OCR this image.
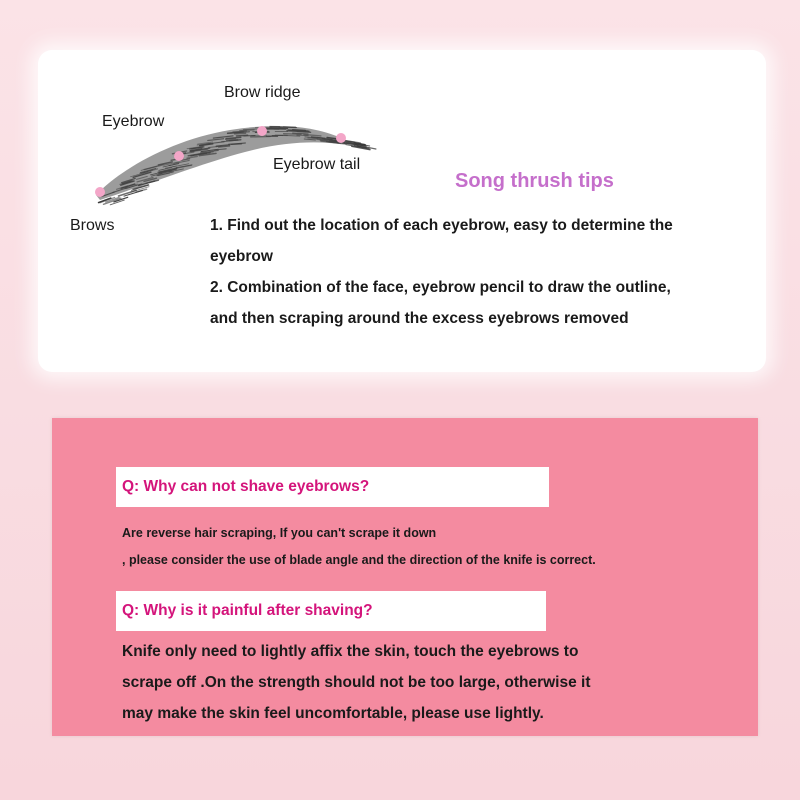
Brow ridge
Eyebrow
Eyebrow tail
Brows
Song thrush tips
1. Find out the location of each eyebrow, easy to determine the
eyebrow
2. Combination of the face, eyebrow pencil to draw the outline,
and then scraping around the excess eyebrows removed
Q: Why can not shave eyebrows?
Are reverse hair scraping, If you can't scrape it down
, please consider the use of blade angle and the direction of the knife is correct.
Q: Why is it painful after shaving?
Knife only need to lightly affix the skin, touch the eyebrows to
scrape off .On the strength should not be too large, otherwise it
may make the skin feel uncomfortable, please use lightly.
